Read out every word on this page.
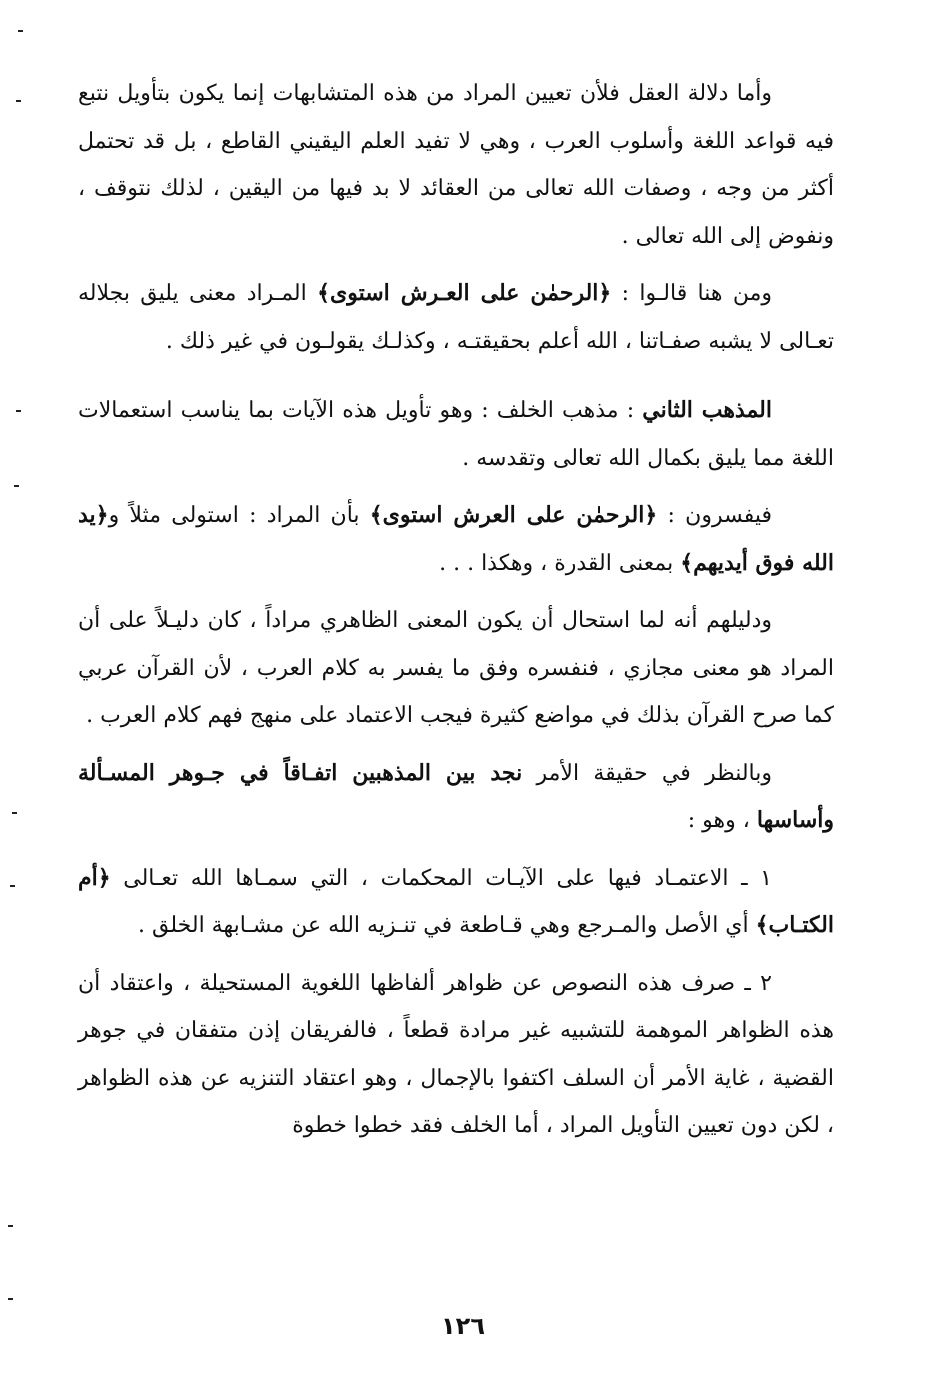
وأما دلالة العقل فلأن تعيين المراد من هذه المتشابهات إنما يكون بتأويل نتبع فيه قواعد اللغة وأسلوب العرب ، وهي لا تفيد العلم اليقيني القاطع ، بل قد تحتمل أكثر من وجه ، وصفات الله تعالى من العقائد لا بد فيها من اليقين ، لذلك نتوقف ، ونفوض إلى الله تعالى .

ومن هنا قالـوا : ﴿الرحمٰن على العـرش استوى﴾ المـراد معنى يليق بجلاله تعـالى لا يشبه صفـاتنا ، الله أعلم بحقيقتـه ، وكذلـك يقولـون في غير ذلك .

المذهب الثاني : مذهب الخلف : وهو تأويل هذه الآيات بما يناسب استعمالات اللغة مما يليق بكمال الله تعالى وتقدسه .

فيفسرون : ﴿الرحمٰن على العرش استوى﴾ بأن المراد : استولى مثلاً و﴿يد الله فوق أيديهم﴾ بمعنى القدرة ، وهكذا . . .

ودليلهم أنه لما استحال أن يكون المعنى الظاهري مراداً ، كان دليـلاً على أن المراد هو معنى مجازي ، فنفسره وفق ما يفسر به كلام العرب ، لأن القرآن عربي كما صرح القرآن بذلك في مواضع كثيرة فيجب الاعتماد على منهج فهم كلام العرب .

وبالنظر في حقيقة الأمر نجد بين المذهبين اتفـاقاً في جـوهر المسـألة وأساسها ، وهو :

١ ـ الاعتمـاد فيها على الآيـات المحكمات ، التي سمـاها الله تعـالى ﴿أم الكتـاب﴾ أي الأصل والمـرجع وهي قـاطعة في تنـزيه الله عن مشـابهة الخلق .

٢ ـ صرف هذه النصوص عن ظواهر ألفاظها اللغوية المستحيلة ، واعتقاد أن هذه الظواهر الموهمة للتشبيه غير مرادة قطعاً ، فالفريقان إذن متفقان في جوهر القضية ، غاية الأمر أن السلف اكتفوا بالإجمال ، وهو اعتقاد التنزيه عن هذه الظواهر ، لكن دون تعيين التأويل المراد ، أما الخلف فقد خطوا خطوة

١٢٦
